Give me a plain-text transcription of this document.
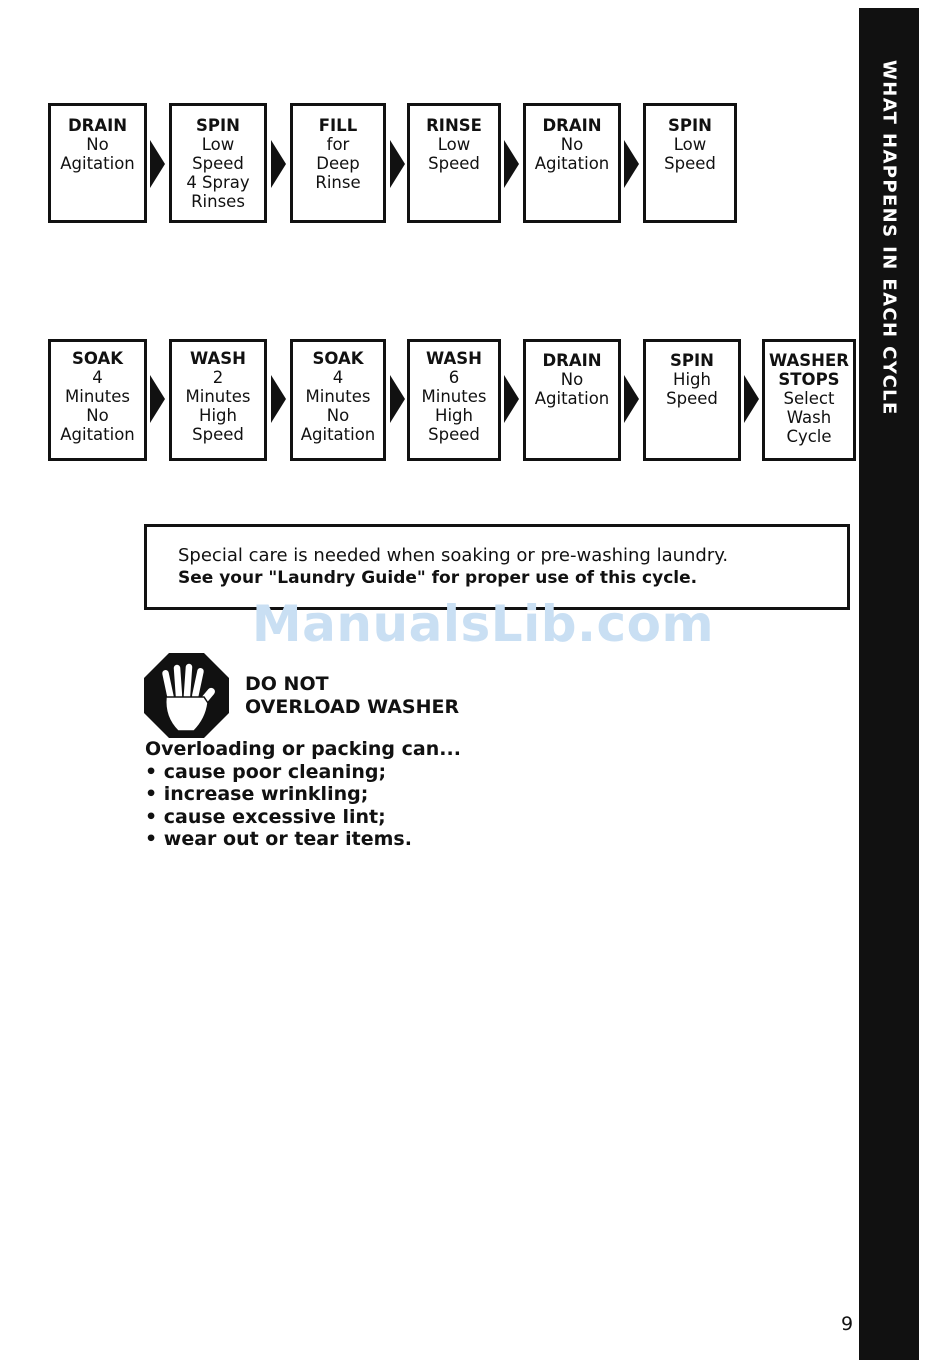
WHAT HAPPENS IN EACH CYCLE
DRAIN
No
Agitation
SPIN
Low
Speed
4 Spray
Rinses
FILL
for
Deep
Rinse
RINSE
Low
Speed
DRAIN
No
Agitation
SPIN
Low
Speed
SOAK
4
Minutes
No
Agitation
WASH
2
Minutes
High
Speed
SOAK
4
Minutes
No
Agitation
WASH
6
Minutes
High
Speed
DRAIN
No
Agitation
SPIN
High
Speed
WASHER
STOPS
Select
Wash
Cycle
Special care is needed when soaking or pre-washing laundry.
See your "Laundry Guide" for proper use of this cycle.
ManualsLib.com
DO NOT
OVERLOAD WASHER
Overloading or packing can...
• cause poor cleaning;
• increase wrinkling;
• cause excessive lint;
• wear out or tear items.
9
